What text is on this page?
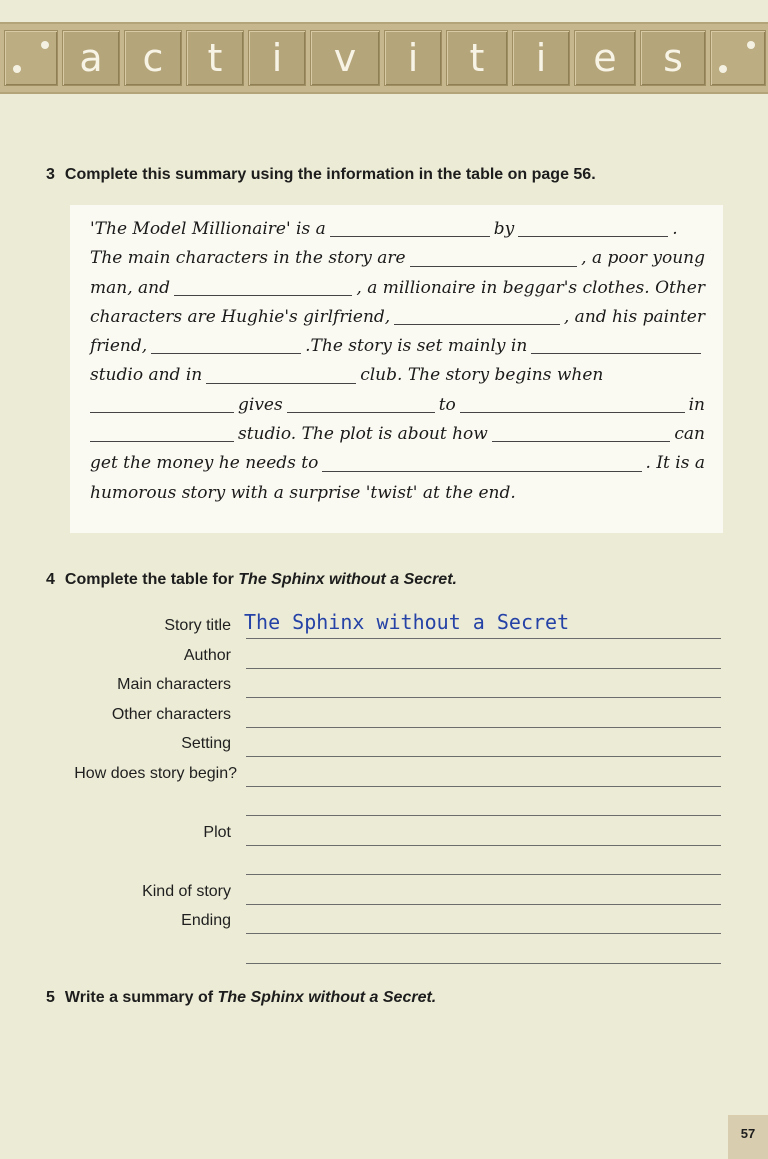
a	c	t	i	v	i	t	i	e	s
3 Complete this summary using the information in the table on page 56.
'The Model Millionaire' is a	by	.
The main characters in the story are	, a poor young
man, and	, a millionaire in beggar's clothes. Other
characters are Hughie's girlfriend,	, and his painter
friend,	.The story is set mainly in
studio and in	club. The story begins when
gives	to	in
studio. The plot is about how	can
get the money he needs to	. It is a
humorous story with a surprise 'twist' at the end.
4 Complete the table for The Sphinx without a Secret.
Story title The Sphinx without a Secret
Author
Main characters
Other characters
Setting
How does story begin?
Plot
Kind of story
Ending
5 Write a summary of The Sphinx without a Secret.
57
